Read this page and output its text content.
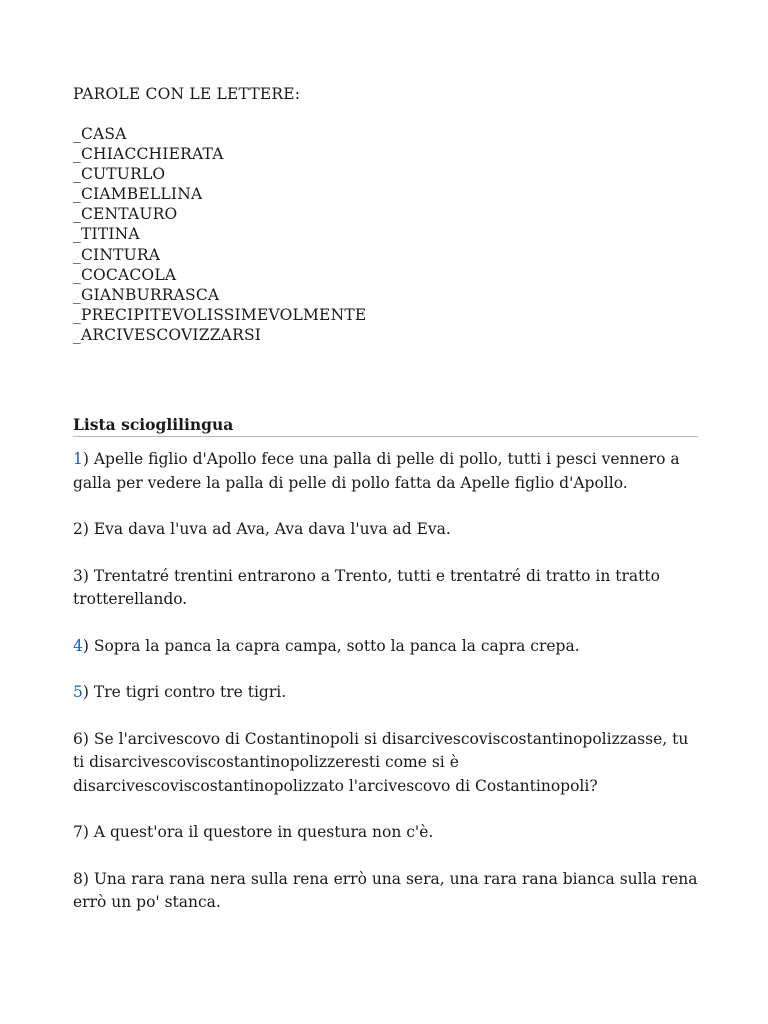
PAROLE CON LE LETTERE:
_CASA
_CHIACCHIERATA
_CUTURLO
_CIAMBELLINA
_CENTAURO
_TITINA
_CINTURA
_COCACOLA
_GIANBURRASCA
_PRECIPITEVOLISSIMEVOLMENTE
_ARCIVESCOVIZZARSI
Lista scioglilingua
1) Apelle figlio d'Apollo fece una palla di pelle di pollo, tutti i pesci vennero a galla per vedere la palla di pelle di pollo fatta da Apelle figlio d'Apollo.
2) Eva dava l'uva ad Ava, Ava dava l'uva ad Eva.
3) Trentatré trentini entrarono a Trento, tutti e trentatré di tratto in tratto trotterellando.
4) Sopra la panca la capra campa, sotto la panca la capra crepa.
5) Tre tigri contro tre tigri.
6) Se l'arcivescovo di Costantinopoli si disarcivescoviscostantinopolizzasse, tu ti disarcivescoviscostantinopolizzeresti come si è disarcivescoviscostantinopolizzato l'arcivescovo di Costantinopoli?
7) A quest'ora il questore in questura non c'è.
8) Una rara rana nera sulla rena errò una sera, una rara rana bianca sulla rena errò un po' stanca.
